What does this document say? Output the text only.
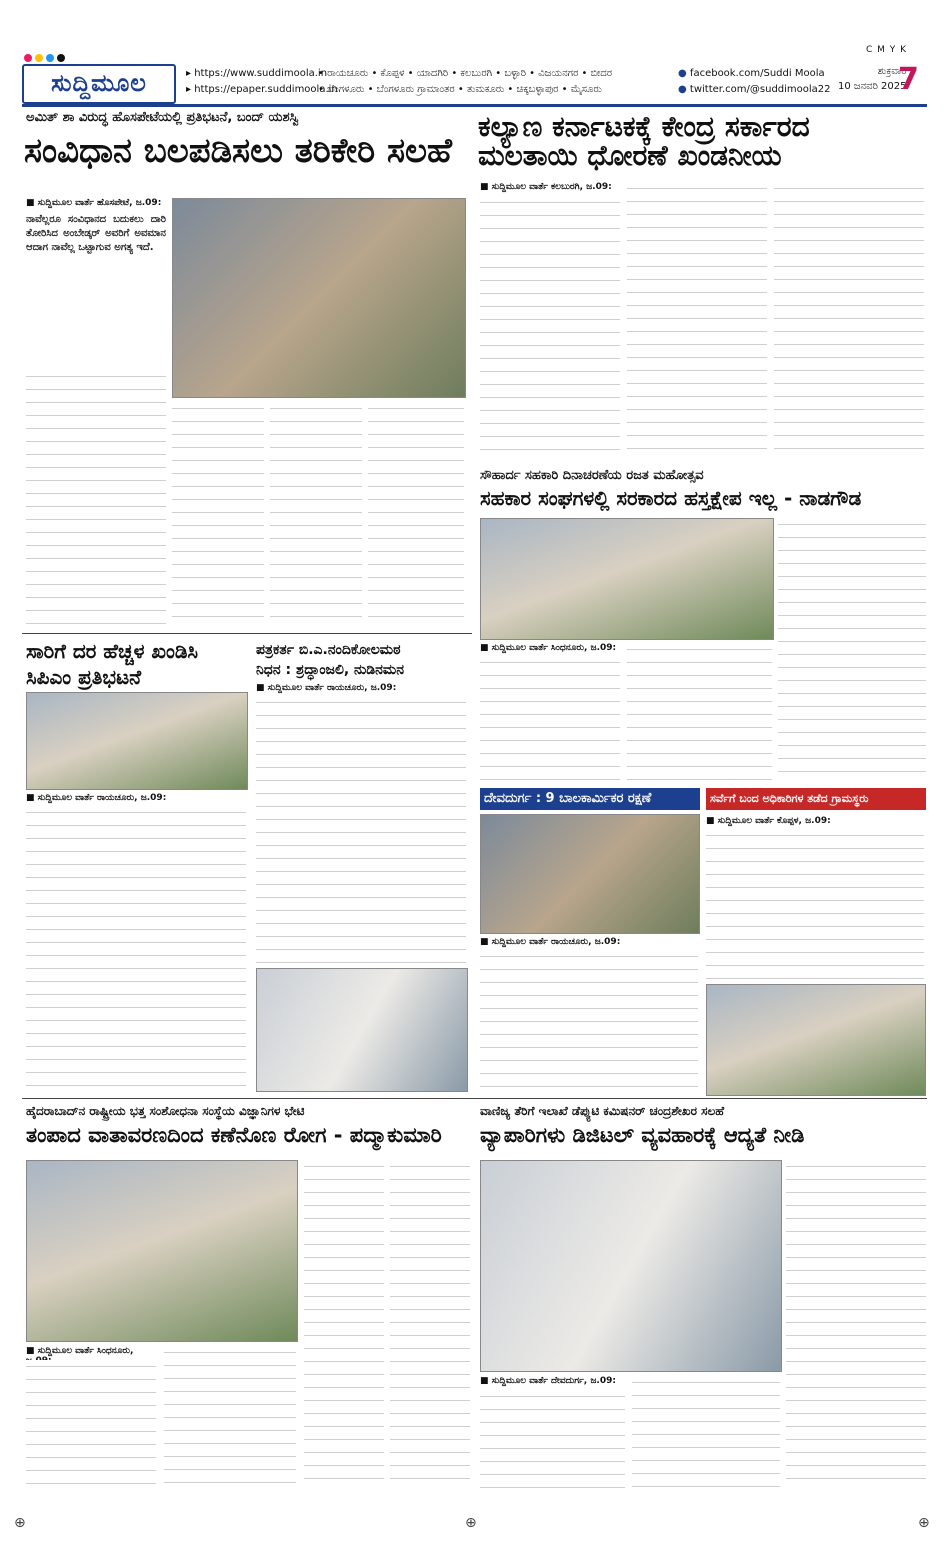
C M Y K
ಸುದ್ದಿಮೂಲ	▸ https://www.suddimoola.in
▸ https://epaper.suddimoola.in
• ರಾಯಚೂರು • ಕೊಪ್ಪಳ • ಯಾದಗಿರಿ • ಕಲಬುರಗಿ • ಬಳ್ಳಾರಿ • ವಿಜಯನಗರ • ಬೀದರ
• ಬೆಂಗಳೂರು • ಬೆಂಗಳೂರು ಗ್ರಾಮಾಂತರ • ತುಮಕೂರು • ಚಿಕ್ಕಬಳ್ಳಾಪುರ • ಮೈಸೂರು
● facebook.com/Suddi Moola
● twitter.com/@suddimoola22
ಶುಕ್ರವಾರ
10 ಜನವರಿ 2025
7
ಅಮಿತ್ ಶಾ ವಿರುದ್ಧ ಹೊಸಪೇಟೆಯಲ್ಲಿ ಪ್ರತಿಭಟನೆ, ಬಂದ್ ಯಶಸ್ವಿ
ಸಂವಿಧಾನ ಬಲಪಡಿಸಲು ತರಿಕೇರಿ ಸಲಹೆ
■ ಸುದ್ದಿಮೂಲ ವಾರ್ತೆ ಹೊಸಪೇಟೆ, ಜ.09:
ನಾವೆಲ್ಲರೂ ಸಂವಿಧಾನದ ಬದುಕಲು ದಾರಿ ತೋರಿಸಿದ ಅಂಬೇಡ್ಕರ್ ಅವರಿಗೆ ಅವಮಾನ ಆದಾಗ ನಾವೆಲ್ಲ ಒಟ್ಟಾಗುವ ಅಗತ್ಯ ಇದೆ.
ಕಲ್ಯಾಣ ಕರ್ನಾಟಕಕ್ಕೆ ಕೇಂದ್ರ ಸರ್ಕಾರದ
ಮಲತಾಯಿ ಧೋರಣೆ ಖಂಡನೀಯ
■ ಸುದ್ದಿಮೂಲ ವಾರ್ತೆ ಕಲಬುರಗಿ, ಜ.09:
ಸೌಹಾರ್ದ ಸಹಕಾರಿ ದಿನಾಚರಣೆಯ ರಜತ ಮಹೋತ್ಸವ
ಸಹಕಾರ ಸಂಘಗಳಲ್ಲಿ ಸರಕಾರದ ಹಸ್ತಕ್ಷೇಪ ಇಲ್ಲ - ನಾಡಗೌಡ
■ ಸುದ್ದಿಮೂಲ ವಾರ್ತೆ ಸಿಂಧನೂರು, ಜ.09:
ಸಾರಿಗೆ ದರ ಹೆಚ್ಚಳ ಖಂಡಿಸಿ
ಸಿಪಿಎಂ ಪ್ರತಿಭಟನೆ
■ ಸುದ್ದಿಮೂಲ ವಾರ್ತೆ ರಾಯಚೂರು, ಜ.09:
ಪತ್ರಕರ್ತ ಬಿ.ಎ.ನಂದಿಕೋಲಮಠ
ನಿಧನ : ಶ್ರದ್ಧಾಂಜಲಿ, ನುಡಿನಮನ
■ ಸುದ್ದಿಮೂಲ ವಾರ್ತೆ ರಾಯಚೂರು, ಜ.09:
ದೇವದುರ್ಗ : 9 ಬಾಲಕಾರ್ಮಿಕರ ರಕ್ಷಣೆ
■ ಸುದ್ದಿಮೂಲ ವಾರ್ತೆ ರಾಯಚೂರು, ಜ.09:
ಸರ್ವೆಗೆ ಬಂದ ಅಧಿಕಾರಿಗಳ ತಡೆದ ಗ್ರಾಮಸ್ಥರು
■ ಸುದ್ದಿಮೂಲ ವಾರ್ತೆ ಕೊಪ್ಪಳ, ಜ.09:
ಹೈದರಾಬಾದ್‌ನ ರಾಷ್ಟ್ರೀಯ ಭತ್ತ ಸಂಶೋಧನಾ ಸಂಸ್ಥೆಯ ವಿಜ್ಞಾನಿಗಳ ಭೇಟಿ
ತಂಪಾದ ವಾತಾವರಣದಿಂದ ಕಣೆನೊಣ ರೋಗ - ಪದ್ಮಾಕುಮಾರಿ
■ ಸುದ್ದಿಮೂಲ ವಾರ್ತೆ ಸಿಂಧನೂರು,
ವಾಣಿಜ್ಯ ತೆರಿಗೆ ಇಲಾಖೆ ಡೆಪ್ಯುಟಿ ಕಮಿಷನರ್ ಚಂದ್ರಶೇಖರ ಸಲಹೆ
ವ್ಯಾಪಾರಿಗಳು ಡಿಜಿಟಲ್ ವ್ಯವಹಾರಕ್ಕೆ ಆದ್ಯತೆ ನೀಡಿ
■ ಸುದ್ದಿಮೂಲ ವಾರ್ತೆ ದೇವದುರ್ಗ, ಜ.09:
⊕	⊕	⊕
